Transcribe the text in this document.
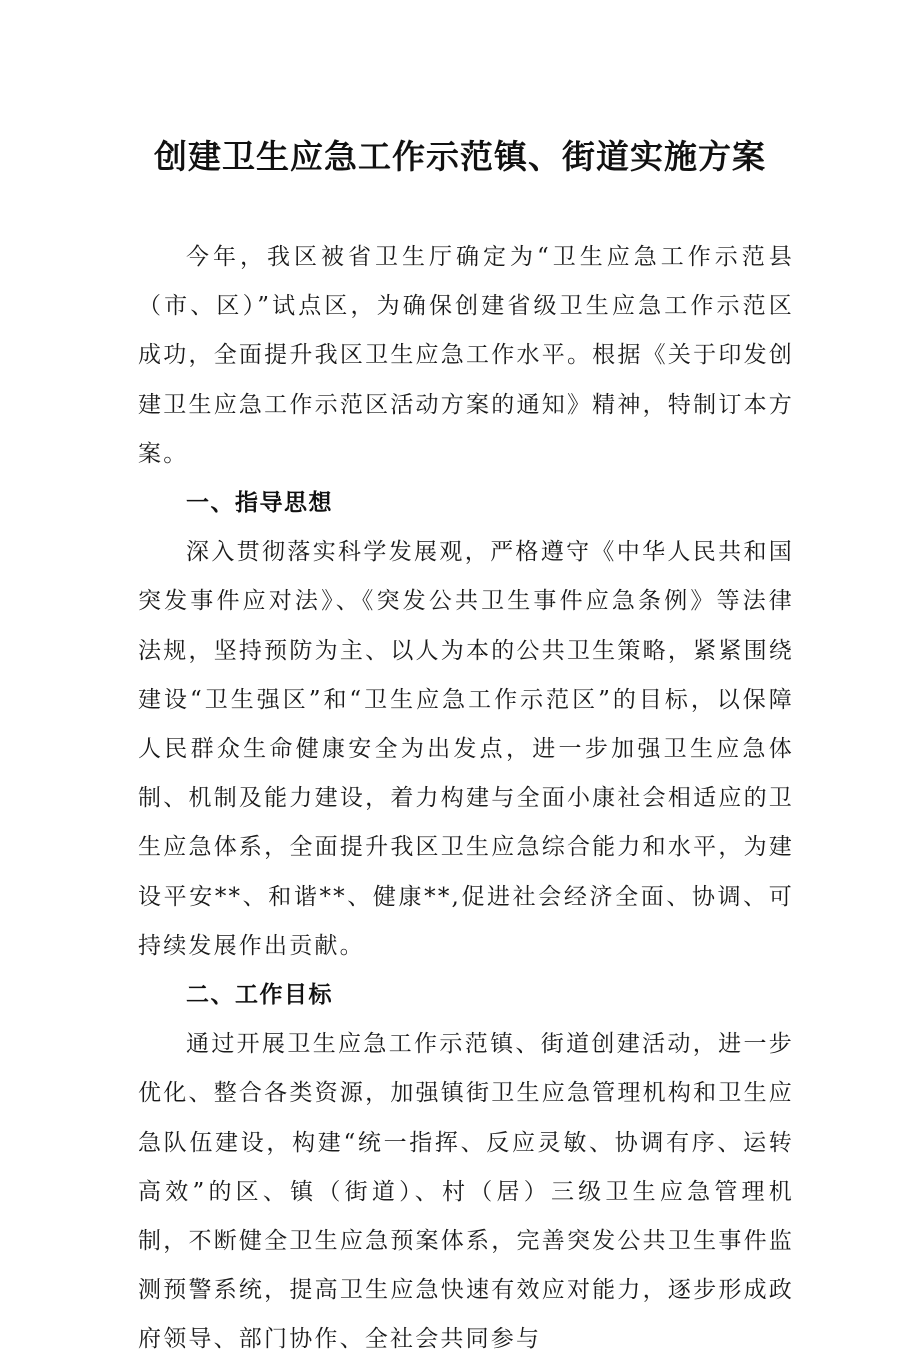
创建卫生应急工作示范镇、街道实施方案

今年，我区被省卫生厅确定为“卫生应急工作示范县（市、区）”试点区，为确保创建省级卫生应急工作示范区成功，全面提升我区卫生应急工作水平。根据《关于印发创建卫生应急工作示范区活动方案的通知》精神，特制订本方案。

一、指导思想

深入贯彻落实科学发展观，严格遵守《中华人民共和国突发事件应对法》、《突发公共卫生事件应急条例》等法律法规，坚持预防为主、以人为本的公共卫生策略，紧紧围绕建设“卫生强区”和“卫生应急工作示范区”的目标，以保障人民群众生命健康安全为出发点，进一步加强卫生应急体制、机制及能力建设，着力构建与全面小康社会相适应的卫生应急体系，全面提升我区卫生应急综合能力和水平，为建设平安**、和谐**、健康**,促进社会经济全面、协调、可持续发展作出贡献。

二、工作目标

通过开展卫生应急工作示范镇、街道创建活动，进一步优化、整合各类资源，加强镇街卫生应急管理机构和卫生应急队伍建设，构建“统一指挥、反应灵敏、协调有序、运转高效”的区、镇（街道）、村（居）三级卫生应急管理机制，不断健全卫生应急预案体系，完善突发公共卫生事件监测预警系统，提高卫生应急快速有效应对能力，逐步形成政府领导、部门协作、全社会共同参与
